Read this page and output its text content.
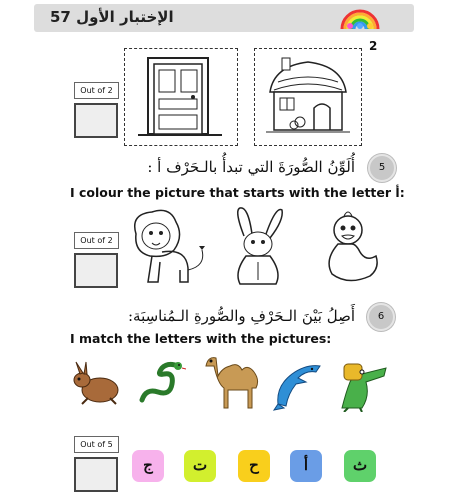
الإختبار الأول 57
2
Out of 2
5
أُلَوِّنُ الصُّورَةَ التي تبدأُ بالـحَرْف أ :
I colour the picture that starts with the letter أ:
Out of 2
6
أَصِلُ بَيْنَ الـحَرْفِ والصُّورةِ الـمُناسِبَة:
I match the letters with the pictures:
Out of 5
ج	ت	ح	أ	ث
